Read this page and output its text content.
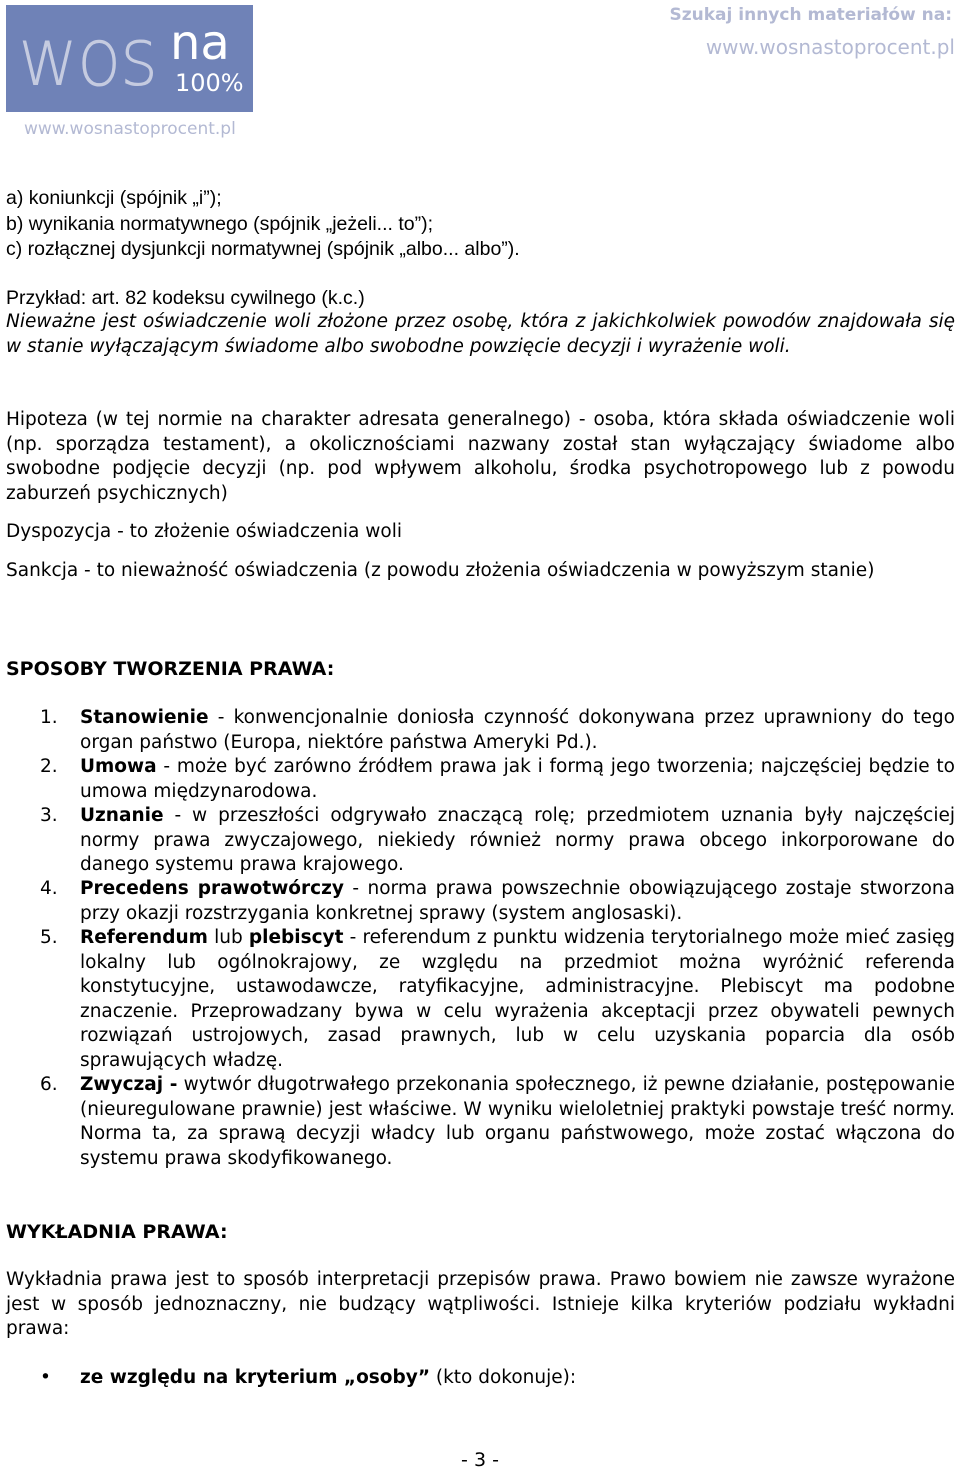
wos na
100%
www.wosnastoprocent.pl
Szukaj innych materiałów na:
www.wosnastoprocent.pl
a) koniunkcji (spójnik „i”);
b) wynikania normatywnego (spójnik „jeżeli... to”);
c) rozłącznej dysjunkcji normatywnej (spójnik „albo... albo”).
Przykład: art. 82 kodeksu cywilnego (k.c.)
Nieważne jest oświadczenie woli złożone przez osobę, która z jakichkolwiek powodów znajdowała się w stanie wyłączającym świadome albo swobodne powzięcie decyzji i wyrażenie woli.
Hipoteza (w tej normie na charakter adresata generalnego) - osoba, która składa oświadczenie woli (np. sporządza testament), a okolicznościami nazwany został stan wyłączający świadome albo swobodne podjęcie decyzji (np. pod wpływem alkoholu, środka psychotropowego lub z powodu zaburzeń psychicznych)
Dyspozycja - to złożenie oświadczenia woli
Sankcja - to nieważność oświadczenia (z powodu złożenia oświadczenia w powyższym stanie)
SPOSOBY TWORZENIA PRAWA:
1.	Stanowienie - konwencjonalnie doniosła czynność dokonywana przez uprawniony do tego organ państwo (Europa, niektóre państwa Ameryki Pd.).
2.	Umowa - może być zarówno źródłem prawa jak i formą jego tworzenia; najczęściej będzie to umowa międzynarodowa.
3.	Uznanie - w przeszłości odgrywało znaczącą rolę; przedmiotem uznania były najczęściej normy prawa zwyczajowego, niekiedy również normy prawa obcego inkorporowane do danego systemu prawa krajowego.
4.	Precedens prawotwórczy - norma prawa powszechnie obowiązującego zostaje stworzona przy okazji rozstrzygania konkretnej sprawy (system anglosaski).
5.	Referendum lub plebiscyt - referendum z punktu widzenia terytorialnego może mieć zasięg lokalny lub ogólnokrajowy, ze względu na przedmiot można wyróżnić referenda konstytucyjne, ustawodawcze, ratyfikacyjne, administracyjne. Plebiscyt ma podobne znaczenie. Przeprowadzany bywa w celu wyrażenia akceptacji przez obywateli pewnych rozwiązań ustrojowych, zasad prawnych, lub w celu uzyskania poparcia dla osób sprawujących władzę.
6.	Zwyczaj - wytwór długotrwałego przekonania społecznego, iż pewne działanie, postępowanie (nieuregulowane prawnie) jest właściwe. W wyniku wieloletniej praktyki powstaje treść normy. Norma ta, za sprawą decyzji władcy lub organu państwowego, może zostać włączona do systemu prawa skodyfikowanego.
WYKŁADNIA PRAWA:
Wykładnia prawa jest to sposób interpretacji przepisów prawa. Prawo bowiem nie zawsze wyrażone jest w sposób jednoznaczny, nie budzący wątpliwości. Istnieje kilka kryteriów podziału wykładni prawa:
• ze względu na kryterium „osoby” (kto dokonuje):
- 3 -
